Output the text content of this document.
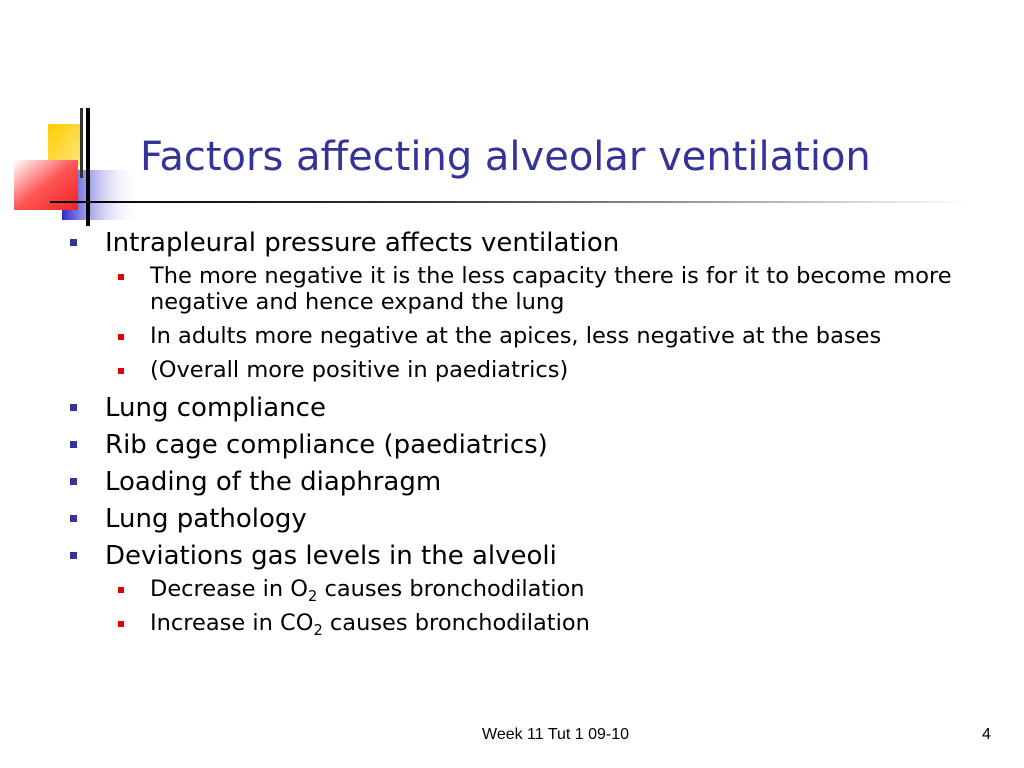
Factors affecting alveolar ventilation
Intrapleural pressure affects ventilation
The more negative it is the less capacity there is for it to become more negative and hence expand the lung
In adults more negative at the apices, less negative at the bases
(Overall more positive in paediatrics)
Lung compliance
Rib cage compliance (paediatrics)
Loading of the diaphragm
Lung pathology
Deviations gas levels in the alveoli
Decrease in $O_2$ causes bronchodilation
Increase in $CO_2$ causes bronchodilation
Week 11 Tut 1 09-10	4
